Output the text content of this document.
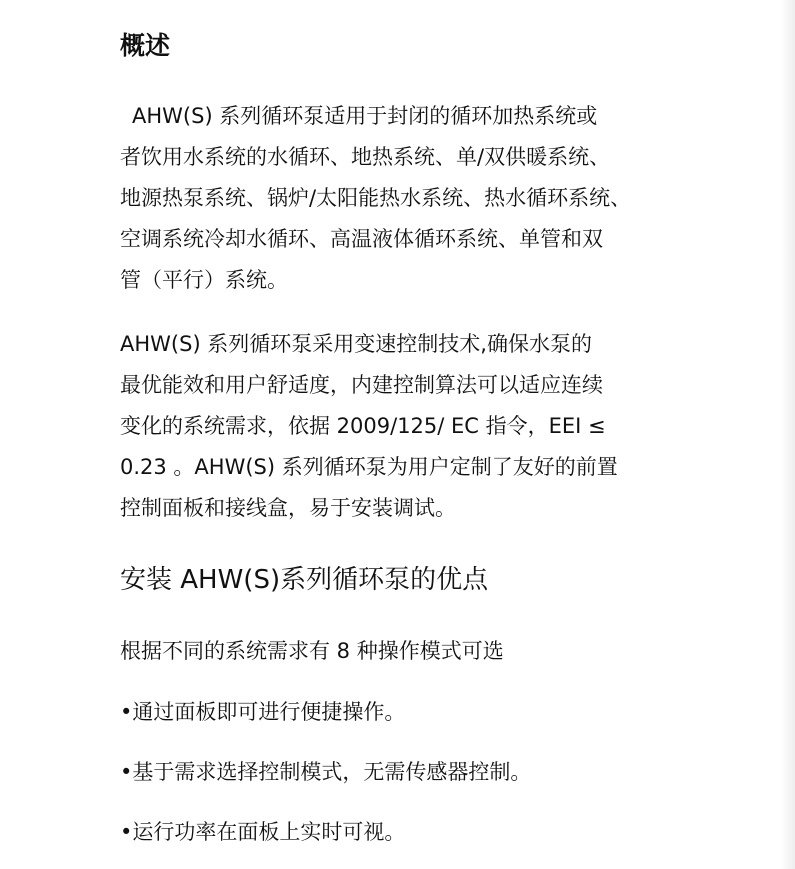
概述
AHW(S) 系列循环泵适用于封闭的循环加热系统或
者饮用水系统的水循环、地热系统、单/双供暖系统、
地源热泵系统、锅炉/太阳能热水系统、热水循环系统、
空调系统冷却水循环、高温液体循环系统、单管和双
管（平行）系统。
AHW(S) 系列循环泵采用变速控制技术,确保水泵的
最优能效和用户舒适度，内建控制算法可以适应连续
变化的系统需求，依据 2009/125/ EC 指令，EEI ≤
0.23 。AHW(S) 系列循环泵为用户定制了友好的前置
控制面板和接线盒，易于安装调试。
安装 AHW(S)系列循环泵的优点
根据不同的系统需求有 8 种操作模式可选
•通过面板即可进行便捷操作。
•基于需求选择控制模式，无需传感器控制。
•运行功率在面板上实时可视。
